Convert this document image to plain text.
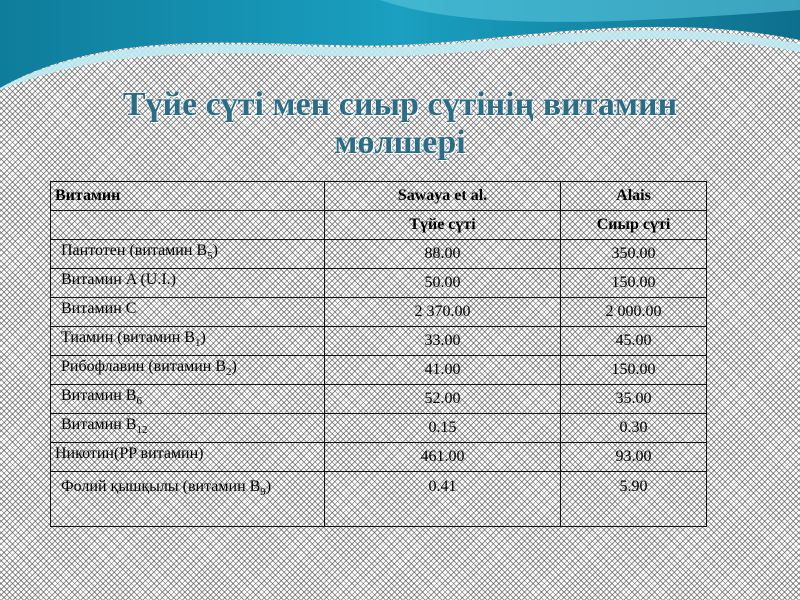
Түйе сүті мен сиыр сүтінің витамин мөлшері
Витамин	Sawaya et al.	Alais
	Түйе сүті	Сиыр сүті
Пантотен (витамин $B_5$)	88.00	350.00
Витамин A (U.I.)	50.00	150.00
Витамин C	2 370.00	2 000.00
Тиамин (витамин $B_1$)	33.00	45.00
Рибофлавин (витамин $B_2$)	41.00	150.00
Витамин $B_6$	52.00	35.00
Витамин $B_{12}$	0.15	0.30
Никотин(PP витамин)	461.00	93.00
Фолий қышқылы (витамин $B_9$)	0.41	5.90
